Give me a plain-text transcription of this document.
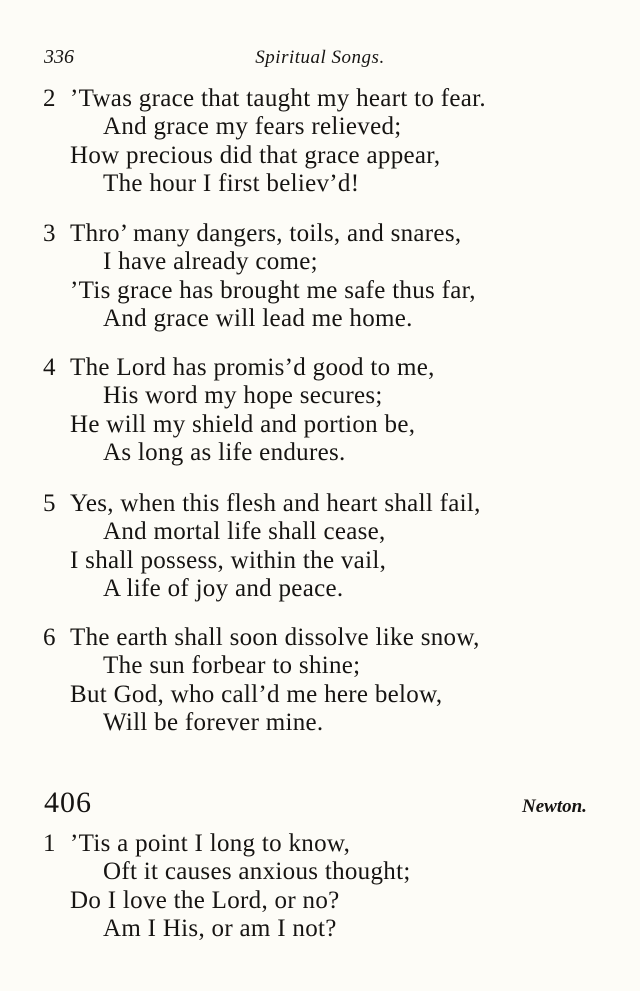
336	Spiritual Songs.
2 ’Twas grace that taught my heart to fear.
And grace my fears relieved;
How precious did that grace appear,
The hour I first believ’d!
3 Thro’ many dangers, toils, and snares,
I have already come;
’Tis grace has brought me safe thus far,
And grace will lead me home.
4 The Lord has promis’d good to me,
His word my hope secures;
He will my shield and portion be,
As long as life endures.
5 Yes, when this flesh and heart shall fail,
And mortal life shall cease,
I shall possess, within the vail,
A life of joy and peace.
6 The earth shall soon dissolve like snow,
The sun forbear to shine;
But God, who call’d me here below,
Will be forever mine.
406	Newton.
1 ’Tis a point I long to know,
Oft it causes anxious thought;
Do I love the Lord, or no?
Am I His, or am I not?
